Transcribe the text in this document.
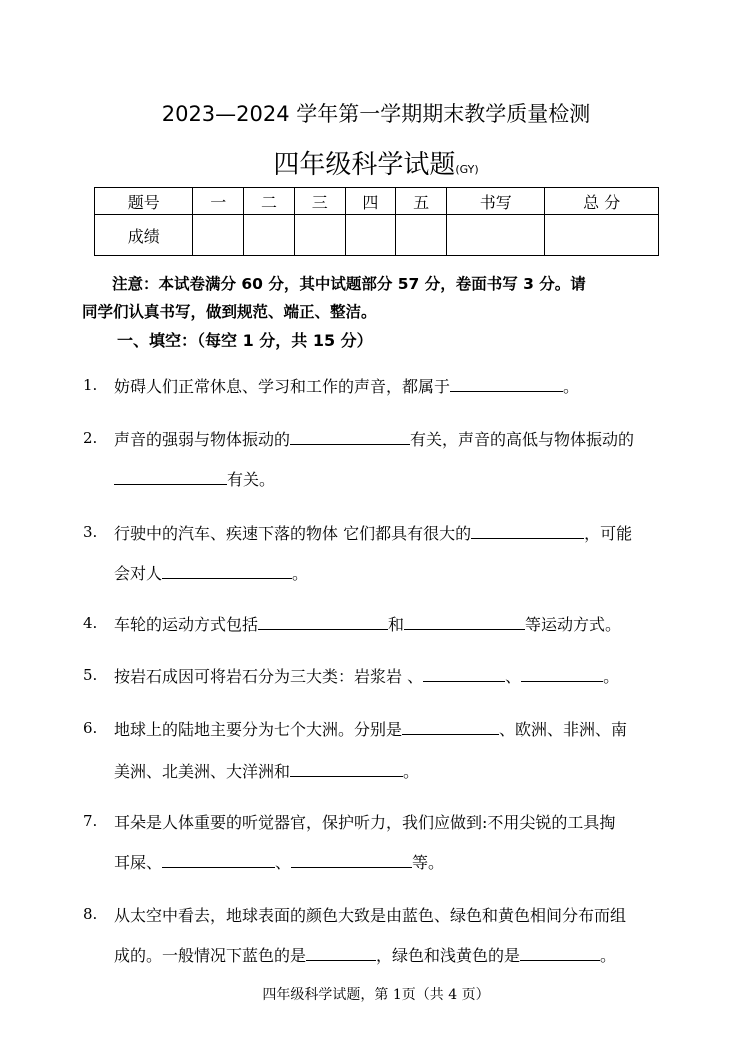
2023—2024 学年第一学期期末教学质量检测
四年级科学试题(GY)
题号	一	二	三	四	五	书写	总 分
成绩							
注意：本试卷满分 60 分，其中试题部分 57 分，卷面书写 3 分。请
同学们认真书写，做到规范、端正、整洁。
一、填空：（每空 1 分，共 15 分）
1. 妨碍人们正常休息、学习和工作的声音，都属于	。
2. 声音的强弱与物体振动的	有关，声音的高低与物体振动的
有关。
3. 行驶中的汽车、疾速下落的物体 它们都具有很大的	，可能
会对人	。
4. 车轮的运动方式包括	和	等运动方式。
5. 按岩石成因可将岩石分为三大类：岩浆岩 、	、	。
6. 地球上的陆地主要分为七个大洲。分别是	、欧洲、非洲、南
美洲、北美洲、大洋洲和	。
7. 耳朵是人体重要的听觉器官，保护听力，我们应做到:不用尖锐的工具掏
耳屎、	、	等。
8. 从太空中看去，地球表面的颜色大致是由蓝色、绿色和黄色相间分布而组
成的。一般情况下蓝色的是	，绿色和浅黄色的是	。
四年级科学试题，第 1页（共 4 页）
